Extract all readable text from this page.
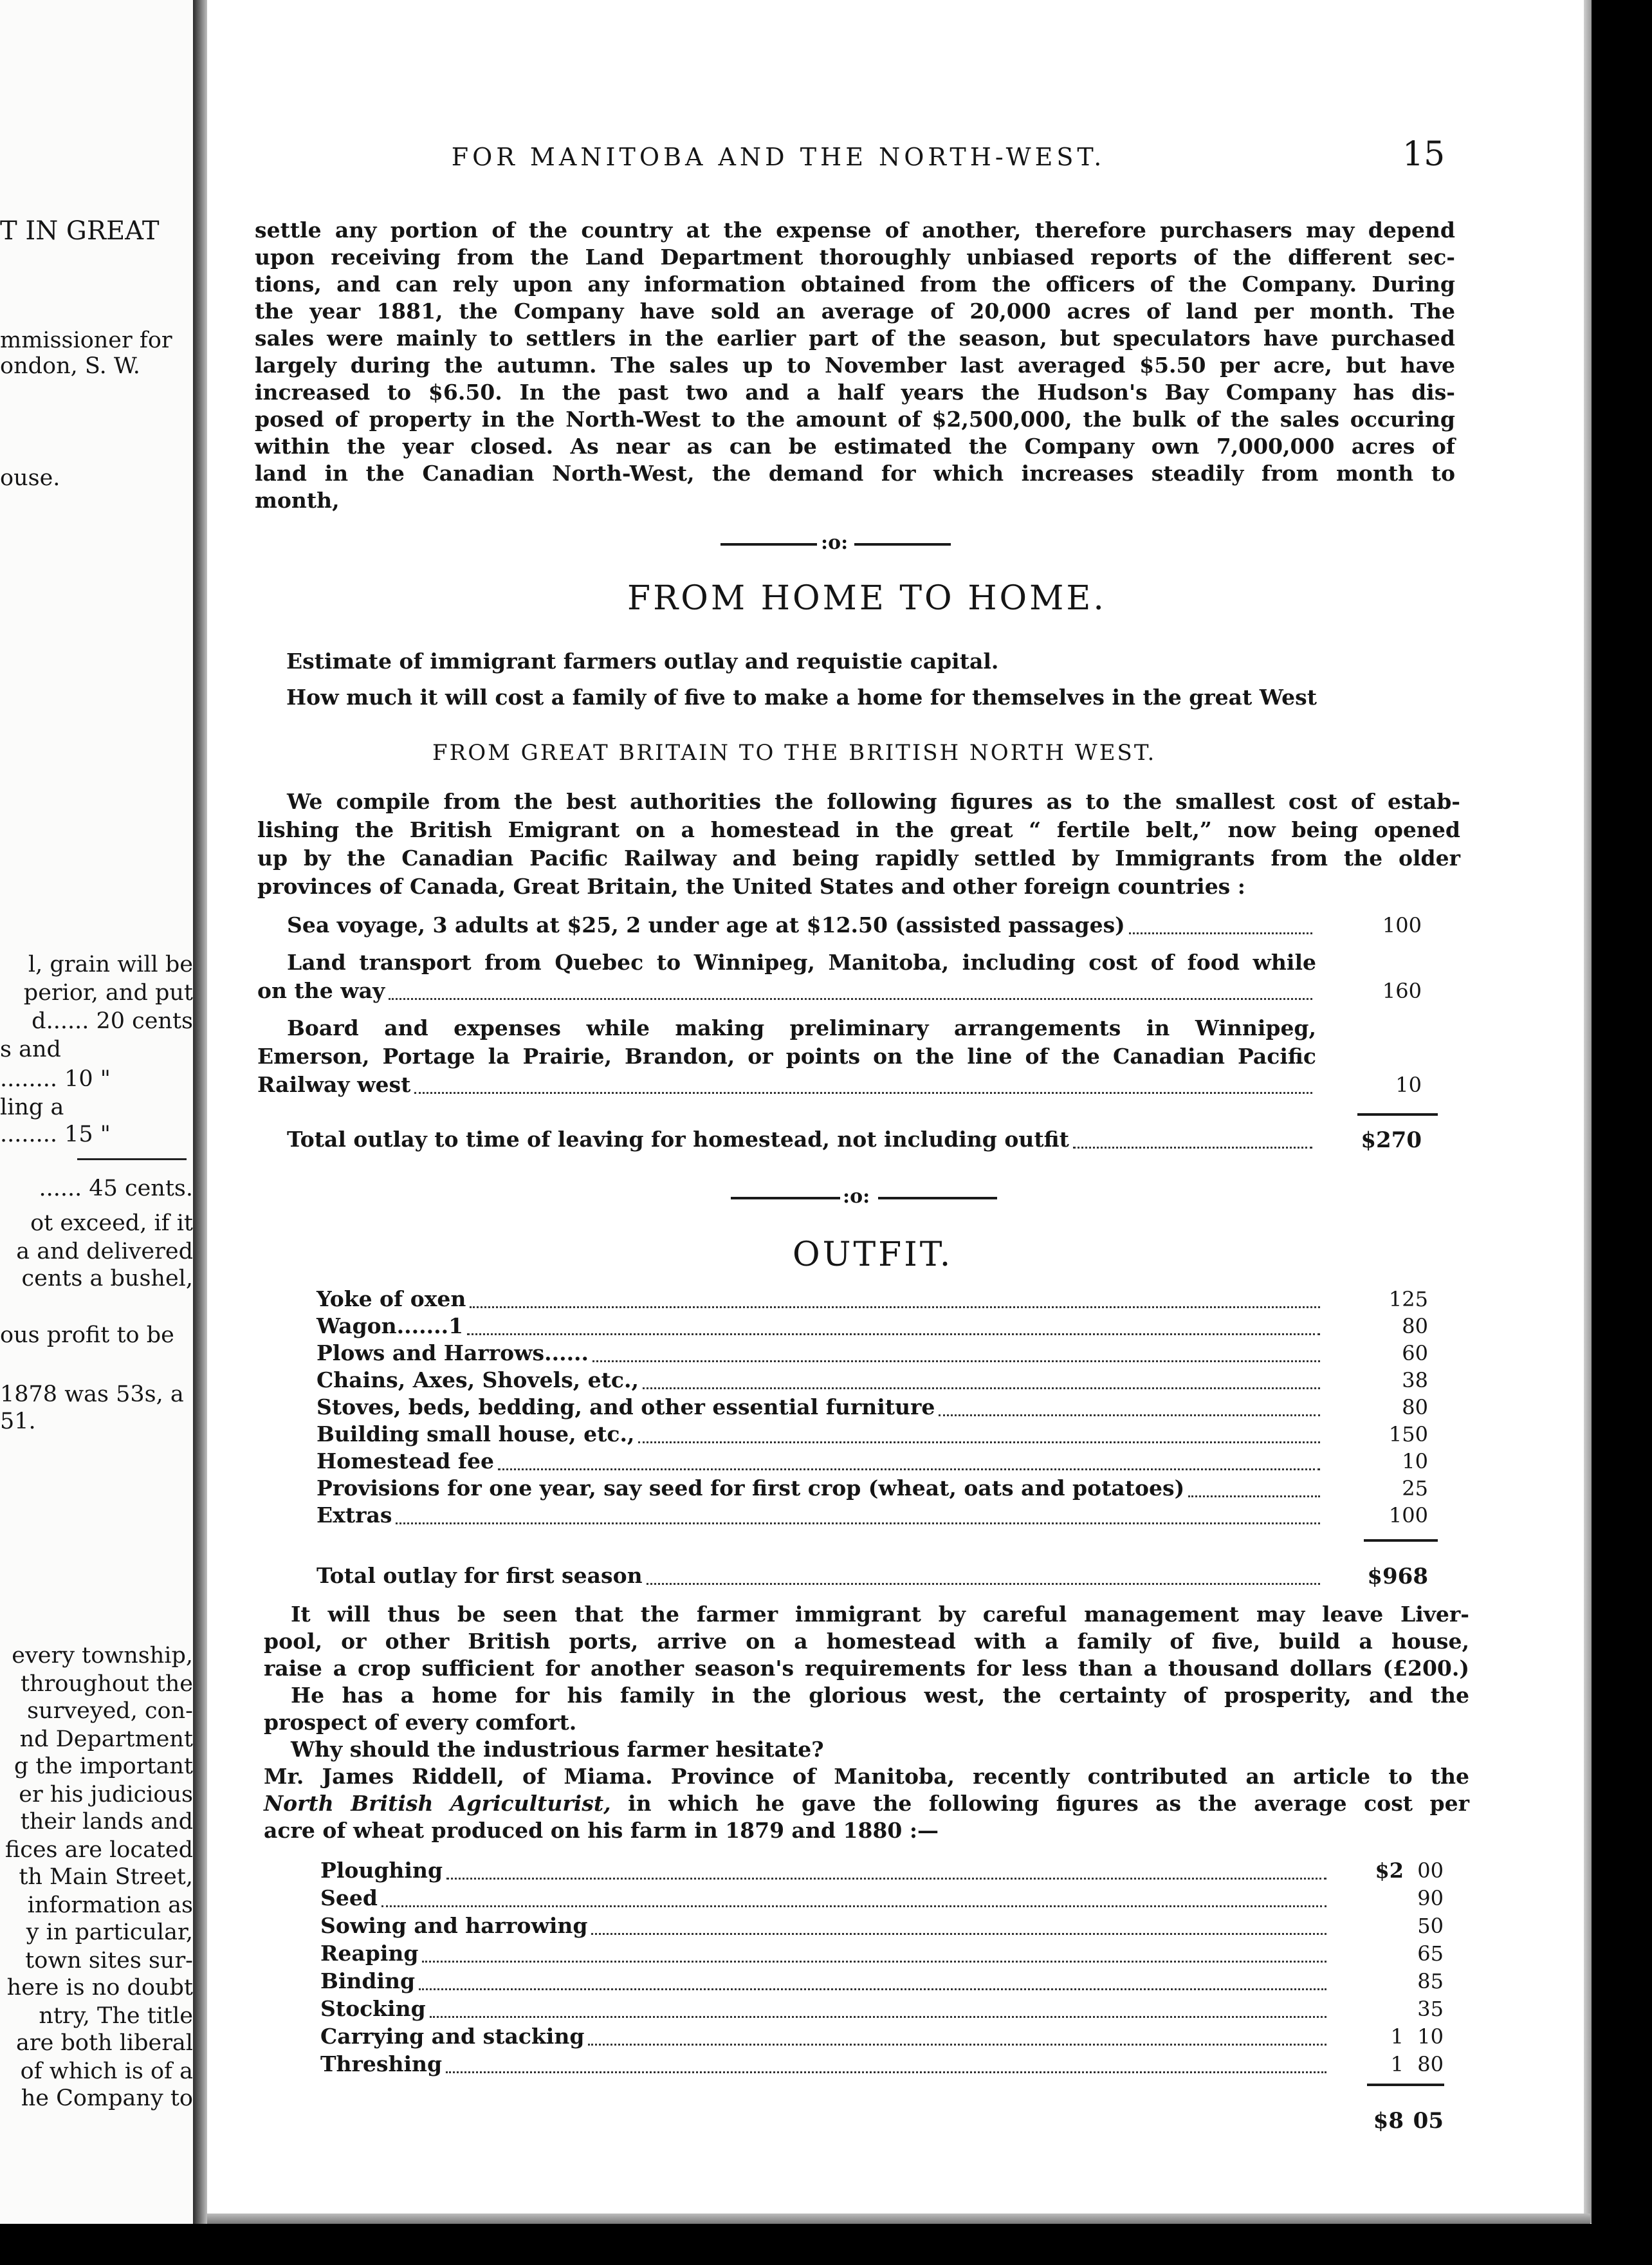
T IN GREAT
mmissioner for
ondon, S. W.
ouse.
l, grain will be
perior, and put
d...... 20 cents
s and
........ 10 "
ling a
........ 15 "
...... 45 cents.
ot exceed, if it
a and delivered
cents a bushel,
ous profit to be
1878 was 53s, a
51.
every township,
throughout the
surveyed, con-
nd Department
g the important
er his judicious
their lands and
fices are located
th Main Street,
information as
y in particular,
town sites sur-
here is no doubt
ntry, The title
are both liberal
of which is of a
he Company to
FOR MANITOBA AND THE NORTH-WEST.	15
settle any portion of the country at the expense of another, therefore purchasers may depend
upon receiving from the Land Department thoroughly unbiased reports of the different sec-
tions, and can rely upon any information obtained from the officers of the Company. During
the year 1881, the Company have sold an average of 20,000 acres of land per month. The
sales were mainly to settlers in the earlier part of the season, but speculators have purchased
largely during the autumn. The sales up to November last averaged $5.50 per acre, but have
increased to $6.50. In the past two and a half years the Hudson's Bay Company has dis-
posed of property in the North-West to the amount of $2,500,000, the bulk of the sales occuring
within the year closed. As near as can be estimated the Company own 7,000,000 acres of
land in the Canadian North-West, the demand for which increases steadily from month to
month,
:o:
FROM HOME TO HOME.
Estimate of immigrant farmers outlay and requistie capital.
How much it will cost a family of five to make a home for themselves in the great West
FROM GREAT BRITAIN TO THE BRITISH NORTH WEST.
We compile from the best authorities the following figures as to the smallest cost of estab-
lishing the British Emigrant on a homestead in the great “ fertile belt,” now being opened
up by the Canadian Pacific Railway and being rapidly settled by Immigrants from the older
provinces of Canada, Great Britain, the United States and other foreign countries :
Sea voyage, 3 adults at $25, 2 under age at $12.50 (assisted passages)	100
Land transport from Quebec to Winnipeg, Manitoba, including cost of food while
on the way	160
Board and expenses while making preliminary arrangements in Winnipeg,
Emerson, Portage la Prairie, Brandon, or points on the line of the Canadian Pacific
Railway west	10
Total outlay to time of leaving for homestead, not including outfit	$270
:o:
OUTFIT.
Yoke of oxen	125
Wagon.......1	80
Plows and Harrows......	60
Chains, Axes, Shovels, etc.,	38
Stoves, beds, bedding, and other essential furniture	80
Building small house, etc.,	150
Homestead fee	10
Provisions for one year, say seed for first crop (wheat, oats and potatoes)	25
Extras	100
Total outlay for first season	$968
It will thus be seen that the farmer immigrant by careful management may leave Liver-
pool, or other British ports, arrive on a homestead with a family of five, build a house,
raise a crop sufficient for another season's requirements for less than a thousand dollars (£200.)
He has a home for his family in the glorious west, the certainty of prosperity, and the
prospect of every comfort.
Why should the industrious farmer hesitate?
Mr. James Riddell, of Miama. Province of Manitoba, recently contributed an article to the
North British Agriculturist, in which he gave the following figures as the average cost per
acre of wheat produced on his farm in 1879 and 1880 :—
Ploughing	$2 00
Seed	90
Sowing and harrowing	50
Reaping	65
Binding	85
Stocking	35
Carrying and stacking	1 10
Threshing	1 80
$8 05
